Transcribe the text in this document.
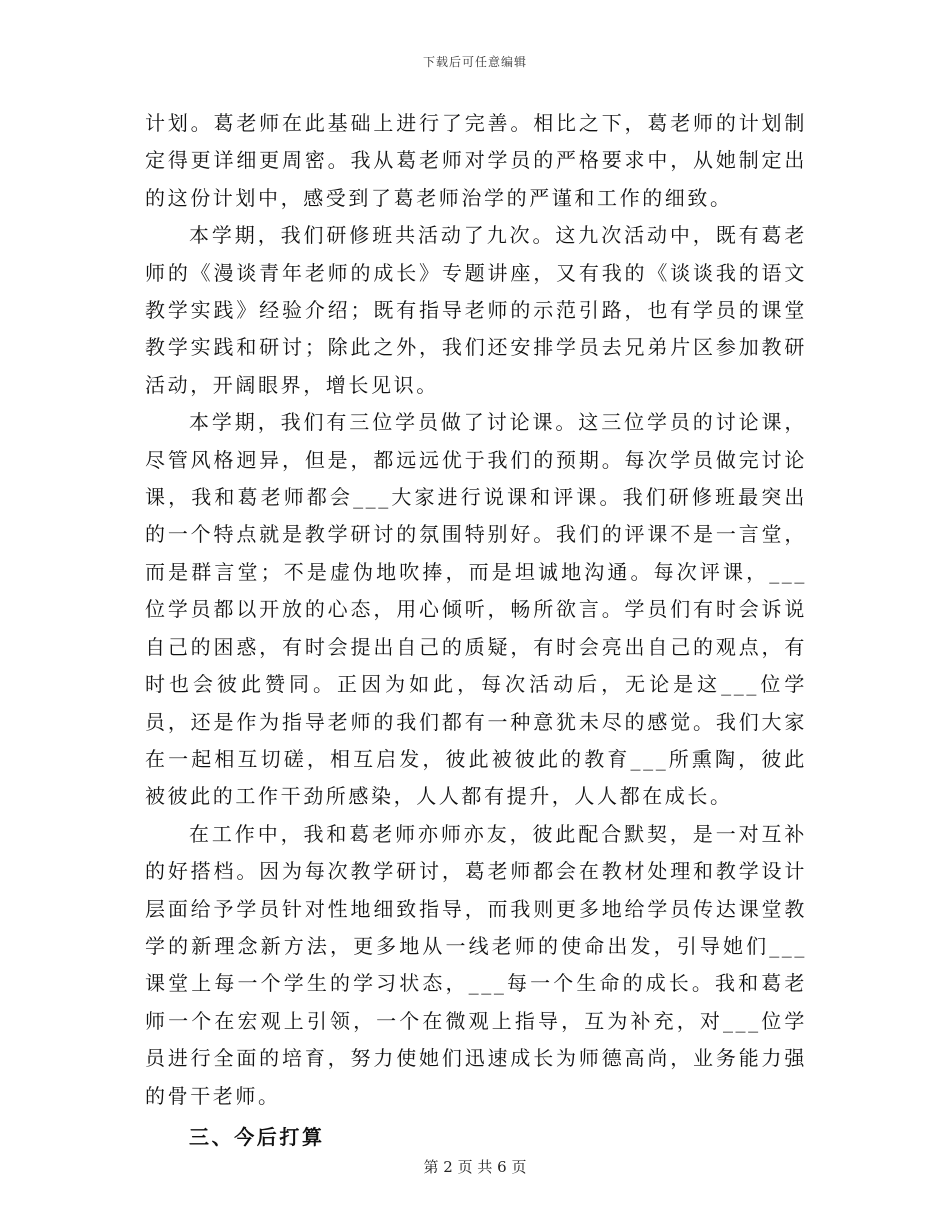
下载后可任意编辑

计划。葛老师在此基础上进行了完善。相比之下，葛老师的计划制定得更详细更周密。我从葛老师对学员的严格要求中，从她制定出的这份计划中，感受到了葛老师治学的严谨和工作的细致。

本学期，我们研修班共活动了九次。这九次活动中，既有葛老师的《漫谈青年老师的成长》专题讲座，又有我的《谈谈我的语文教学实践》经验介绍；既有指导老师的示范引路，也有学员的课堂教学实践和研讨；除此之外，我们还安排学员去兄弟片区参加教研活动，开阔眼界，增长见识。

本学期，我们有三位学员做了讨论课。这三位学员的讨论课，尽管风格迥异，但是，都远远优于我们的预期。每次学员做完讨论课，我和葛老师都会___大家进行说课和评课。我们研修班最突出的一个特点就是教学研讨的氛围特别好。我们的评课不是一言堂，而是群言堂；不是虚伪地吹捧，而是坦诚地沟通。每次评课，___位学员都以开放的心态，用心倾听，畅所欲言。学员们有时会诉说自己的困惑，有时会提出自己的质疑，有时会亮出自己的观点，有时也会彼此赞同。正因为如此，每次活动后，无论是这___位学员，还是作为指导老师的我们都有一种意犹未尽的感觉。我们大家在一起相互切磋，相互启发，彼此被彼此的教育___所熏陶，彼此被彼此的工作干劲所感染，人人都有提升，人人都在成长。

在工作中，我和葛老师亦师亦友，彼此配合默契，是一对互补的好搭档。因为每次教学研讨，葛老师都会在教材处理和教学设计层面给予学员针对性地细致指导，而我则更多地给学员传达课堂教学的新理念新方法，更多地从一线老师的使命出发，引导她们___课堂上每一个学生的学习状态，___每一个生命的成长。我和葛老师一个在宏观上引领，一个在微观上指导，互为补充，对___位学员进行全面的培育，努力使她们迅速成长为师德高尚，业务能力强的骨干老师。

三、今后打算
第 2 页 共 6 页
